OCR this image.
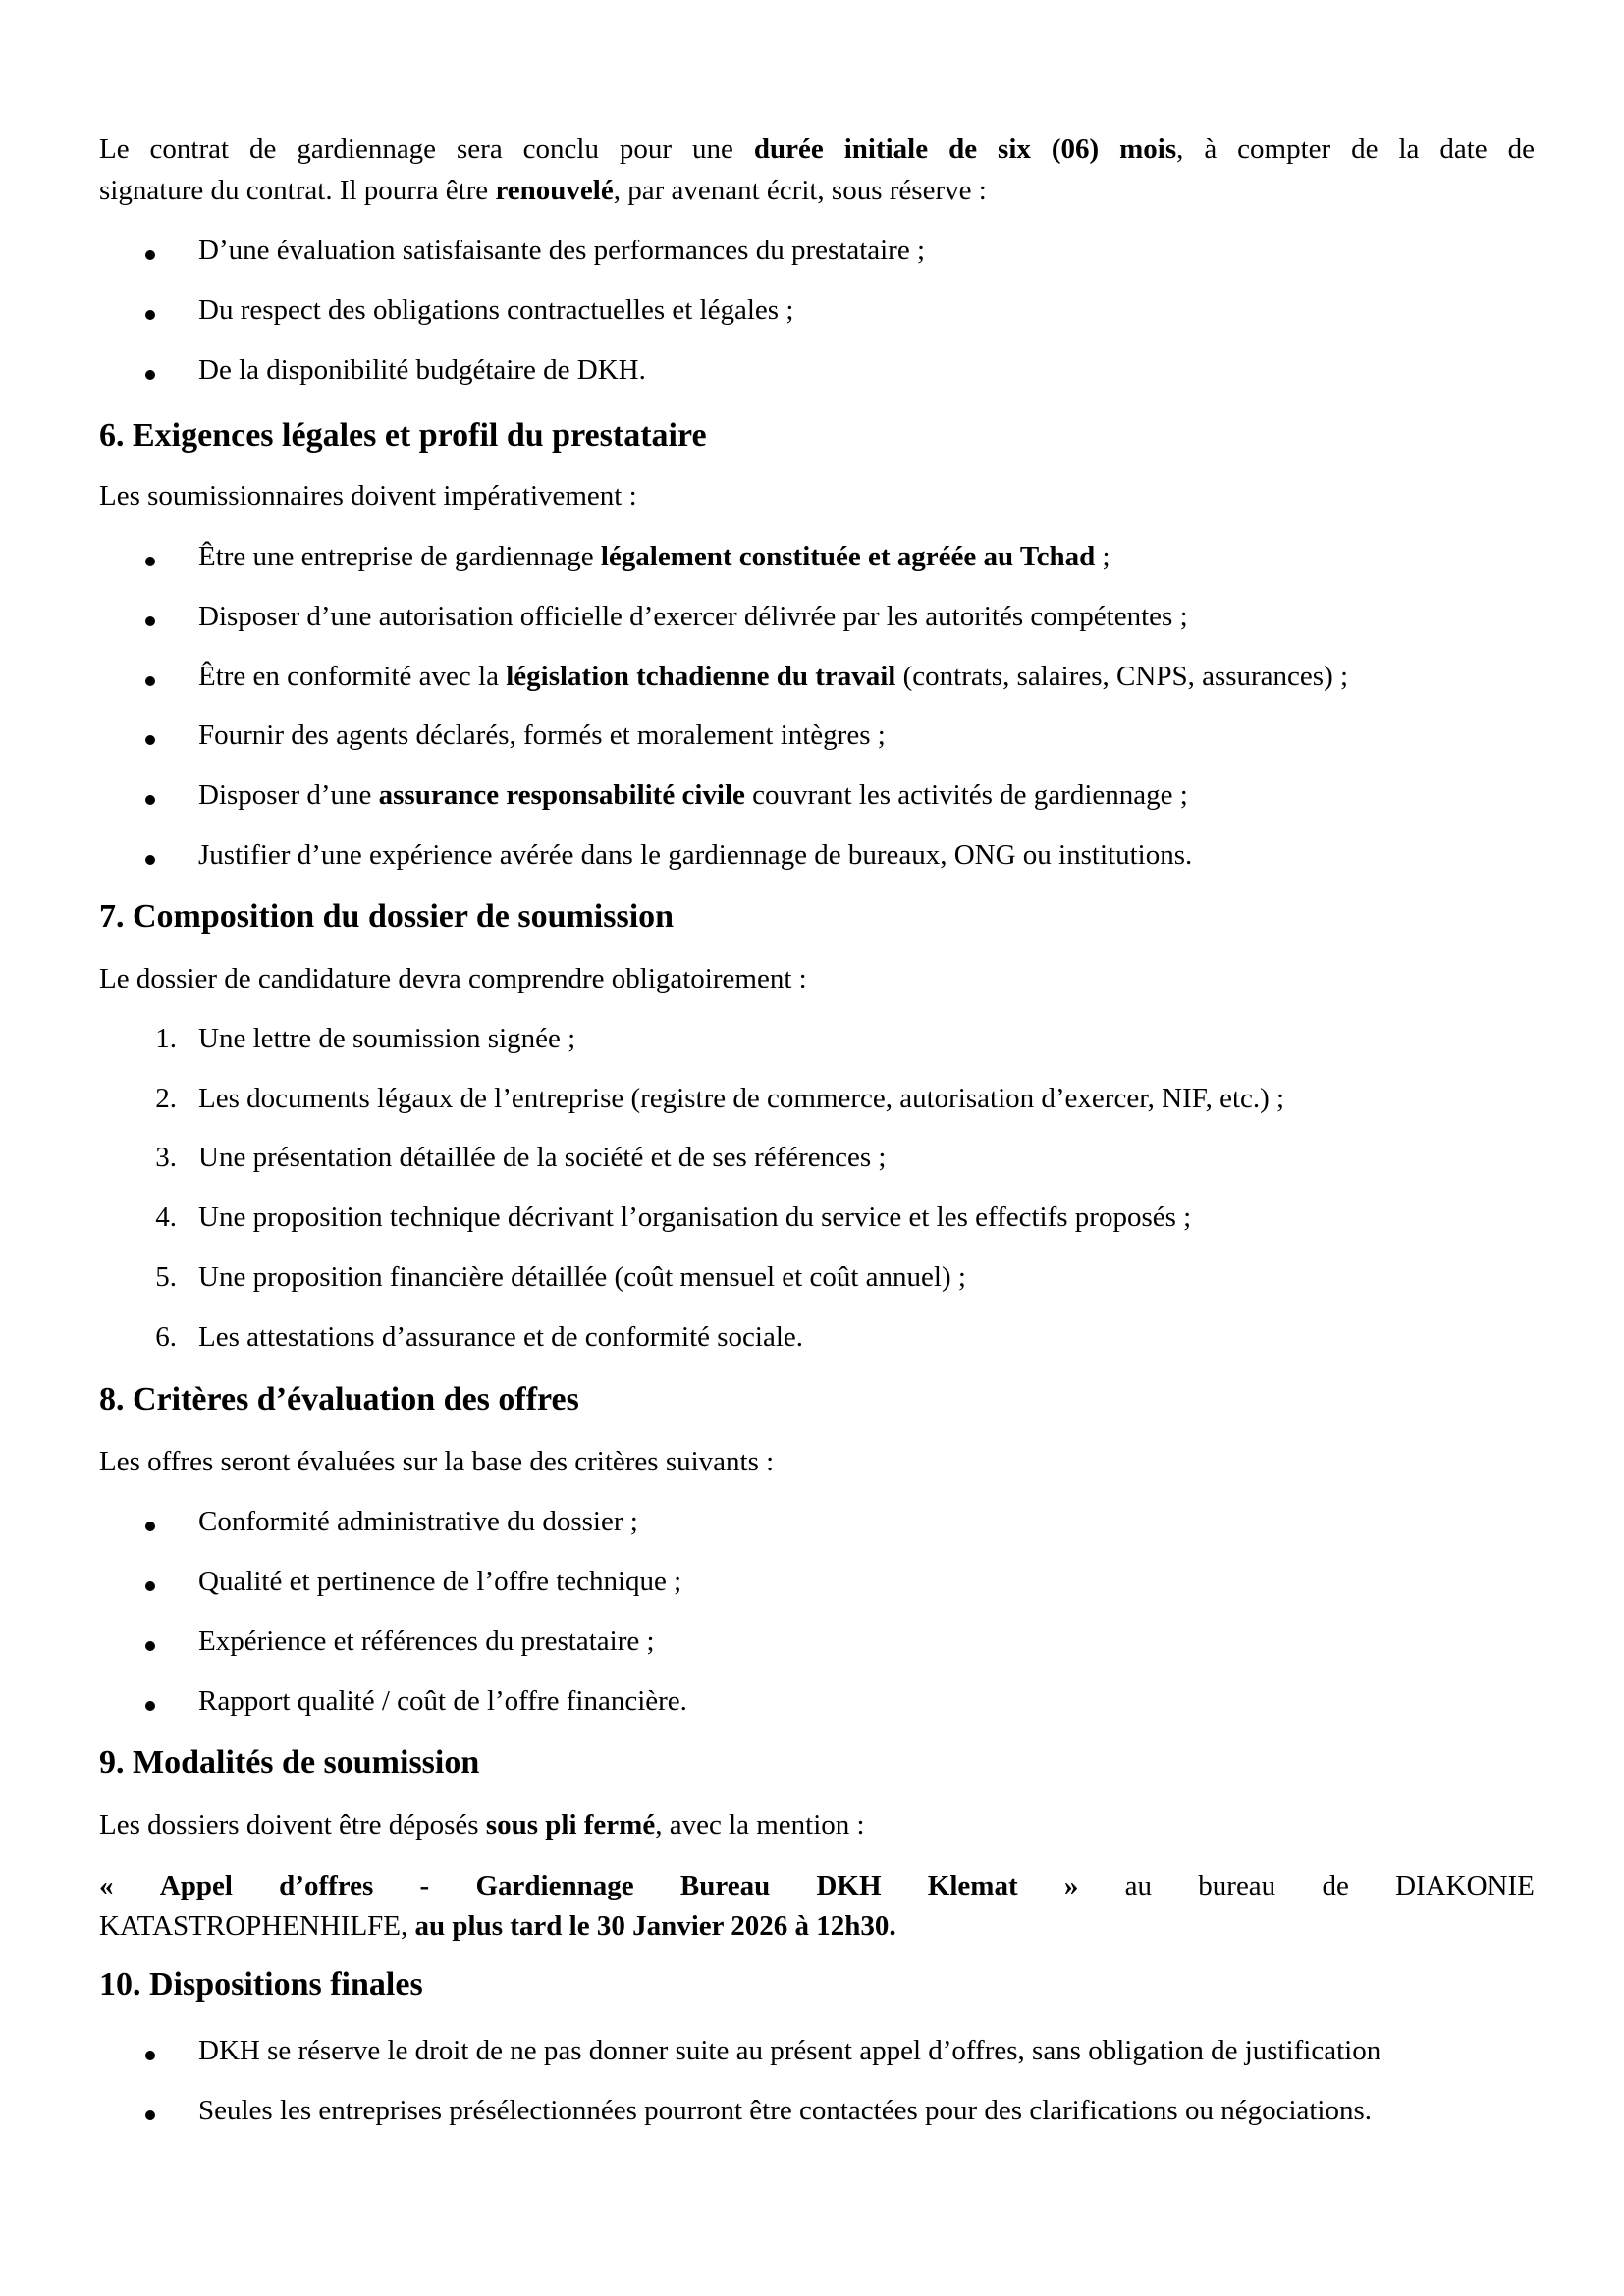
Le contrat de gardiennage sera conclu pour une durée initiale de six (06) mois, à compter de la date de

signature du contrat. Il pourra être renouvelé, par avenant écrit, sous réserve :

D’une évaluation satisfaisante des performances du prestataire ;
Du respect des obligations contractuelles et légales ;
De la disponibilité budgétaire de DKH.
6. Exigences légales et profil du prestataire

Les soumissionnaires doivent impérativement :

Être une entreprise de gardiennage légalement constituée et agréée au Tchad ;
Disposer d’une autorisation officielle d’exercer délivrée par les autorités compétentes ;
Être en conformité avec la législation tchadienne du travail (contrats, salaires, CNPS, assurances) ;
Fournir des agents déclarés, formés et moralement intègres ;
Disposer d’une assurance responsabilité civile couvrant les activités de gardiennage ;
Justifier d’une expérience avérée dans le gardiennage de bureaux, ONG ou institutions.
7. Composition du dossier de soumission

Le dossier de candidature devra comprendre obligatoirement :

1. Une lettre de soumission signée ;
2. Les documents légaux de l’entreprise (registre de commerce, autorisation d’exercer, NIF, etc.) ;
3. Une présentation détaillée de la société et de ses références ;
4. Une proposition technique décrivant l’organisation du service et les effectifs proposés ;
5. Une proposition financière détaillée (coût mensuel et coût annuel) ;
6. Les attestations d’assurance et de conformité sociale.
8. Critères d’évaluation des offres

Les offres seront évaluées sur la base des critères suivants :

Conformité administrative du dossier ;
Qualité et pertinence de l’offre technique ;
Expérience et références du prestataire ;
Rapport qualité / coût de l’offre financière.
9. Modalités de soumission

Les dossiers doivent être déposés sous pli fermé, avec la mention :

« Appel d’offres - Gardiennage Bureau DKH Klemat » au bureau de DIAKONIE

KATASTROPHENHILFE, au plus tard le 30 Janvier 2026 à 12h30.

10. Dispositions finales
DKH se réserve le droit de ne pas donner suite au présent appel d’offres, sans obligation de justification
Seules les entreprises présélectionnées pourront être contactées pour des clarifications ou négociations.
